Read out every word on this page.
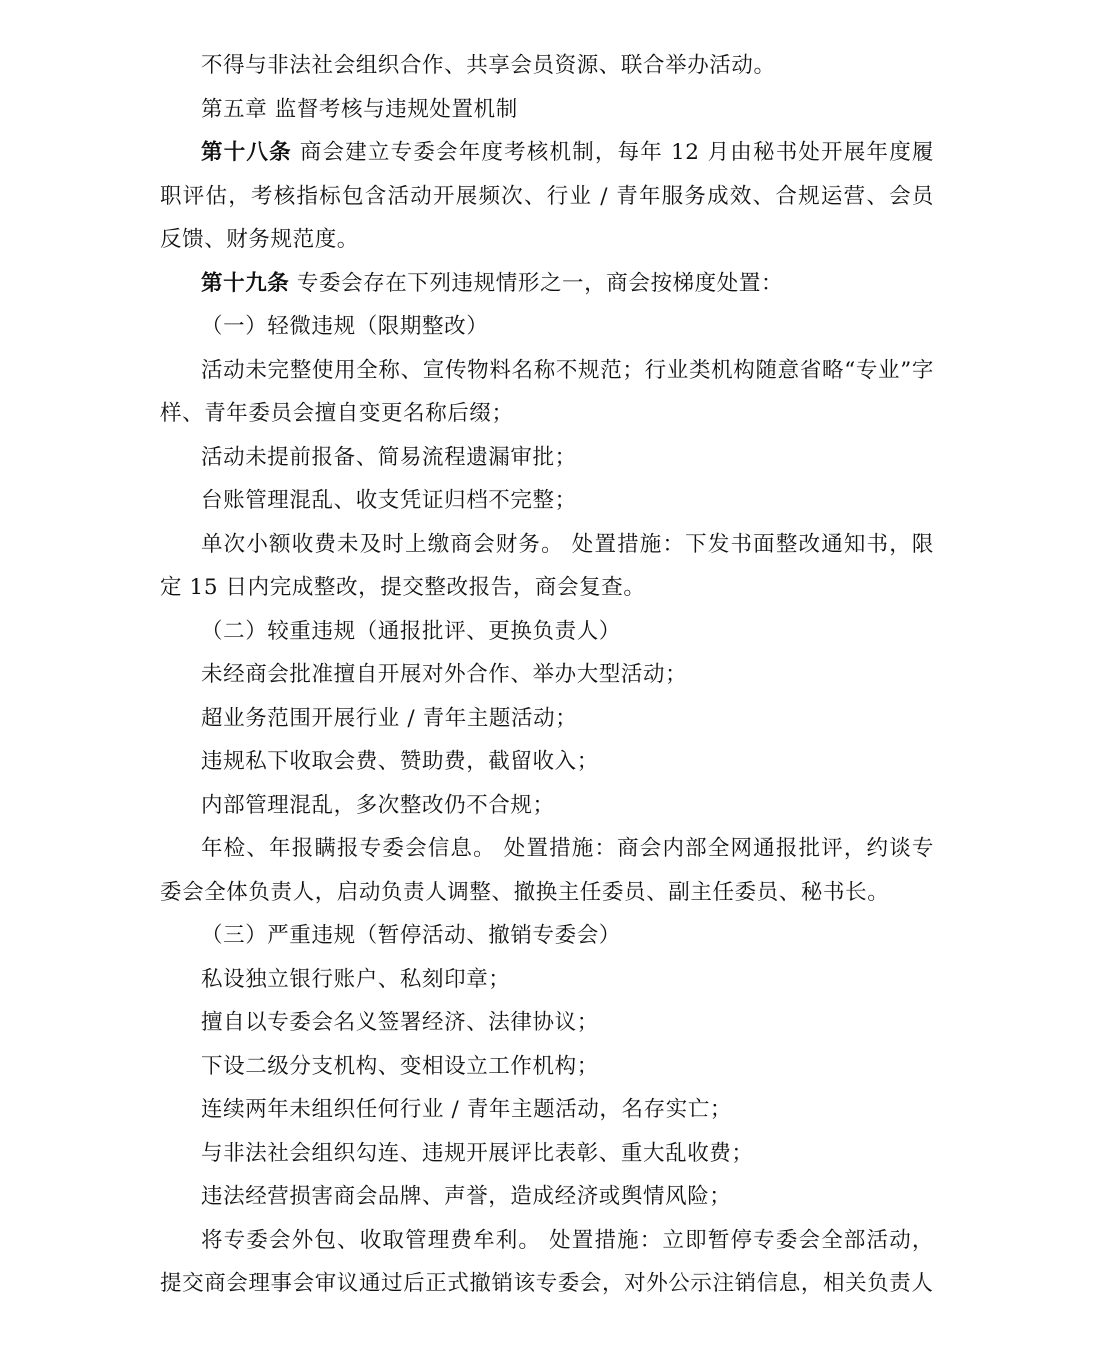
不得与非法社会组织合作、共享会员资源、联合举办活动。

第五章 监督考核与违规处置机制

第十八条 商会建立专委会年度考核机制，每年 12 月由秘书处开展年度履职评估，考核指标包含活动开展频次、行业 / 青年服务成效、合规运营、会员反馈、财务规范度。

第十九条 专委会存在下列违规情形之一，商会按梯度处置：

（一）轻微违规（限期整改）

活动未完整使用全称、宣传物料名称不规范；行业类机构随意省略“专业”字样、青年委员会擅自变更名称后缀；

活动未提前报备、简易流程遗漏审批；

台账管理混乱、收支凭证归档不完整；

单次小额收费未及时上缴商会财务。 处置措施：下发书面整改通知书，限定 15 日内完成整改，提交整改报告，商会复查。

（二）较重违规（通报批评、更换负责人）

未经商会批准擅自开展对外合作、举办大型活动；

超业务范围开展行业 / 青年主题活动；

违规私下收取会费、赞助费，截留收入；

内部管理混乱，多次整改仍不合规；

年检、年报瞒报专委会信息。 处置措施：商会内部全网通报批评，约谈专委会全体负责人，启动负责人调整、撤换主任委员、副主任委员、秘书长。

（三）严重违规（暂停活动、撤销专委会）

私设独立银行账户、私刻印章；

擅自以专委会名义签署经济、法律协议；

下设二级分支机构、变相设立工作机构；

连续两年未组织任何行业 / 青年主题活动，名存实亡；

与非法社会组织勾连、违规开展评比表彰、重大乱收费；

违法经营损害商会品牌、声誉，造成经济或舆情风险；

将专委会外包、收取管理费牟利。 处置措施：立即暂停专委会全部活动，提交商会理事会审议通过后正式撤销该专委会，对外公示注销信息，相关负责人
